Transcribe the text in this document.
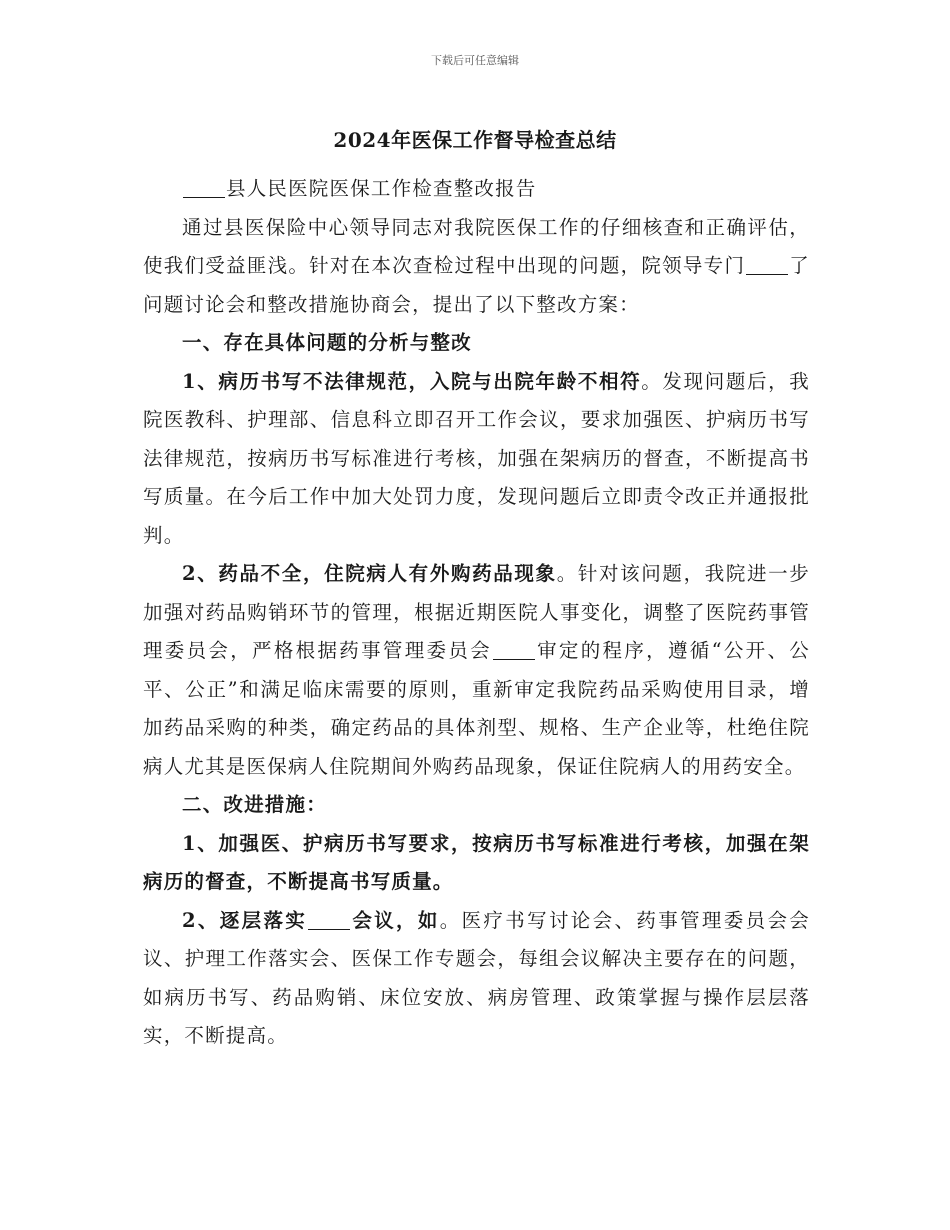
下载后可任意编辑
2024年医保工作督导检查总结

县人民医院医保工作检查整改报告

通过县医保险中心领导同志对我院医保工作的仔细核查和正确评估，使我们受益匪浅。针对在本次查检过程中出现的问题，院领导专门 了问题讨论会和整改措施协商会，提出了以下整改方案：

一、存在具体问题的分析与整改

1、病历书写不法律规范，入院与出院年龄不相符。发现问题后，我院医教科、护理部、信息科立即召开工作会议，要求加强医、护病历书写法律规范，按病历书写标准进行考核，加强在架病历的督查，不断提高书写质量。在今后工作中加大处罚力度，发现问题后立即责令改正并通报批判。

2、药品不全，住院病人有外购药品现象。针对该问题，我院进一步加强对药品购销环节的管理，根据近期医院人事变化，调整了医院药事管理委员会，严格根据药事管理委员会 审定的程序，遵循“公开、公平、公正”和满足临床需要的原则，重新审定我院药品采购使用目录，增加药品采购的种类，确定药品的具体剂型、规格、生产企业等，杜绝住院病人尤其是医保病人住院期间外购药品现象，保证住院病人的用药安全。

二、改进措施：

1、加强医、护病历书写要求，按病历书写标准进行考核，加强在架病历的督查，不断提高书写质量。

2、逐层落实 会议，如。医疗书写讨论会、药事管理委员会会议、护理工作落实会、医保工作专题会，每组会议解决主要存在的问题，如病历书写、药品购销、床位安放、病房管理、政策掌握与操作层层落实，不断提高。
